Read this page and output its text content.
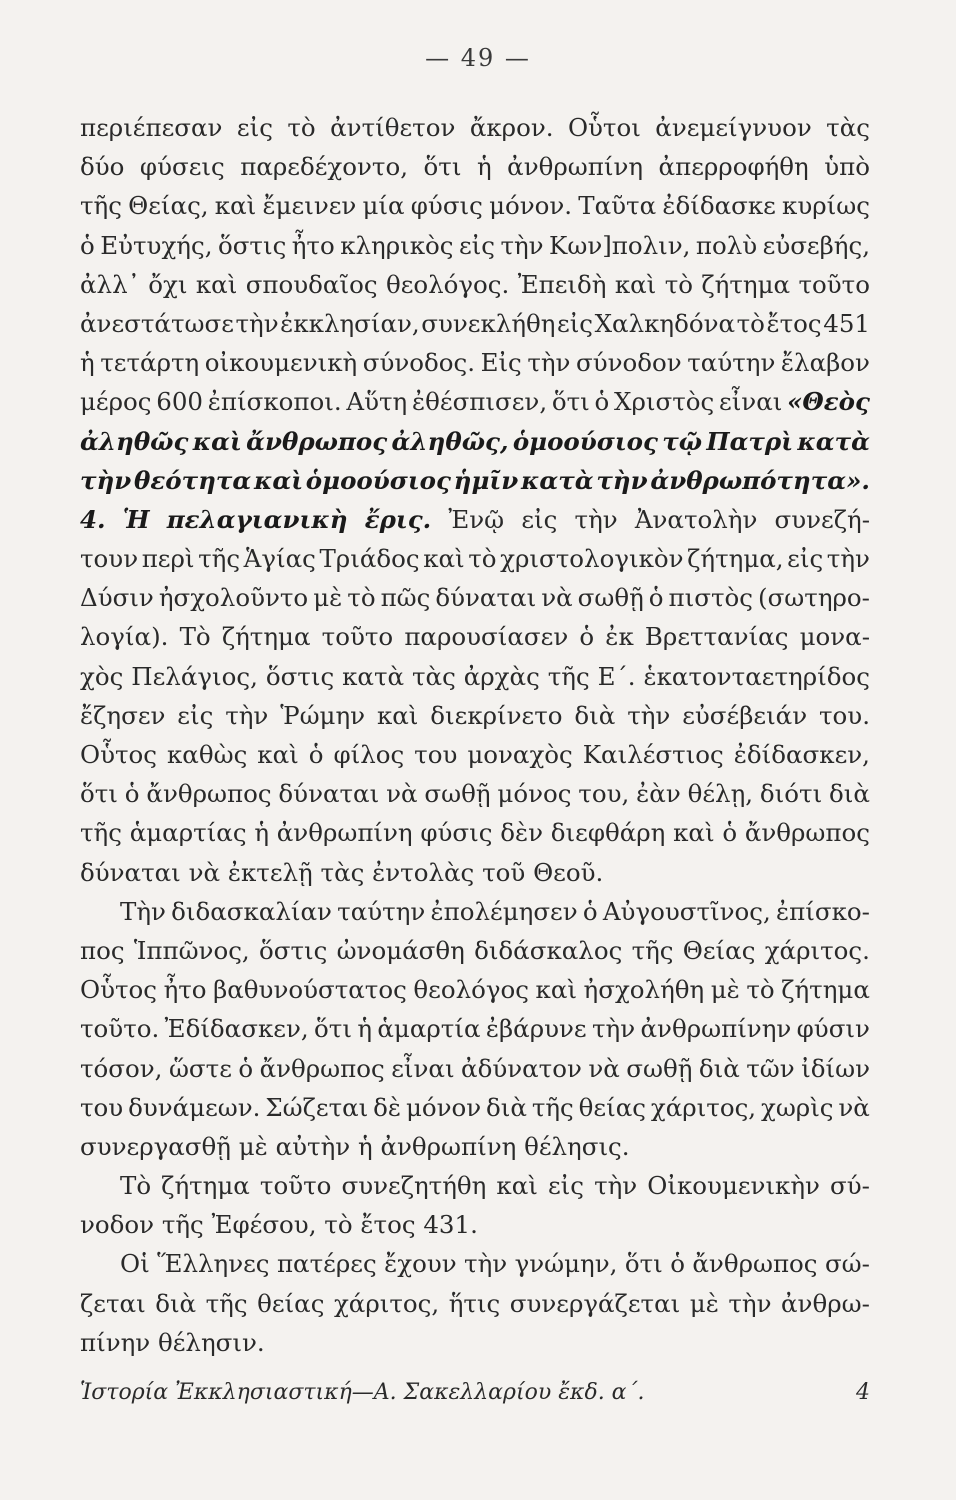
— 49 —
περιέπεσαν εἰς τὸ ἀντίθετον ἄκρον. Οὗτοι ἀνεμείγνυον τὰς
δύο φύσεις παρεδέχοντο, ὅτι ἡ ἀνθρωπίνη ἀπερροφήθη ὑπὸ
τῆς Θείας, καὶ ἔμεινεν μία φύσις μόνον. Ταῦτα ἐδίδασκε κυρίως
ὁ Εὐτυχής, ὅστις ἦτο κληρικὸς εἰς τὴν Κων]πολιν, πολὺ εὐσεβής,
ἀλλ᾽ ὄχι καὶ σπουδαῖος θεολόγος. Ἐπειδὴ καὶ τὸ ζήτημα τοῦτο
ἀνεστάτωσε τὴν ἐκκλησίαν, συνεκλήθη εἰς Χαλκηδόνα τὸ ἔτος 451
ἡ τετάρτη οἰκουμενικὴ σύνοδος. Εἰς τὴν σύνοδον ταύτην ἔλαβον
μέρος 600 ἐπίσκοποι. Αὕτη ἐθέσπισεν, ὅτι ὁ Χριστὸς εἶναι «Θεὸς
ἀληθῶς καὶ ἄνθρωπος ἀληθῶς, ὁμοούσιος τῷ Πατρὶ κατὰ
τὴν θεότητα καὶ ὁμοούσιος ἡμῖν κατὰ τὴν ἀνθρωπότητα».
4. Ἡ πελαγιανικὴ ἔρις. Ἐνῷ εἰς τὴν Ἀνατολὴν συνεζή-
τουν περὶ τῆς Ἁγίας Τριάδος καὶ τὸ χριστολογικὸν ζήτημα, εἰς τὴν
Δύσιν ἠσχολοῦντο μὲ τὸ πῶς δύναται νὰ σωθῇ ὁ πιστὸς (σωτηρο-
λογία). Τὸ ζήτημα τοῦτο παρουσίασεν ὁ ἐκ Βρεττανίας μονα-
χὸς Πελάγιος, ὅστις κατὰ τὰς ἀρχὰς τῆς Ε΄. ἑκατονταετηρίδος
ἔζησεν εἰς τὴν Ῥώμην καὶ διεκρίνετο διὰ τὴν εὐσέβειάν του.
Οὗτος καθὼς καὶ ὁ φίλος του μοναχὸς Καιλέστιος ἐδίδασκεν,
ὅτι ὁ ἄνθρωπος δύναται νὰ σωθῇ μόνος του, ἐὰν θέλῃ, διότι διὰ
τῆς ἁμαρτίας ἡ ἀνθρωπίνη φύσις δὲν διεφθάρη καὶ ὁ ἄνθρωπος
δύναται νὰ ἐκτελῇ τὰς ἐντολὰς τοῦ Θεοῦ.
Τὴν διδασκαλίαν ταύτην ἐπολέμησεν ὁ Αὐγουστῖνος, ἐπίσκο-
πος Ἱππῶνος, ὅστις ὠνομάσθη διδάσκαλος τῆς Θείας χάριτος.
Οὗτος ἦτο βαθυνούστατος θεολόγος καὶ ἠσχολήθη μὲ τὸ ζήτημα
τοῦτο. Ἐδίδασκεν, ὅτι ἡ ἁμαρτία ἐβάρυνε τὴν ἀνθρωπίνην φύσιν
τόσον, ὥστε ὁ ἄνθρωπος εἶναι ἀδύνατον νὰ σωθῇ διὰ τῶν ἰδίων
του δυνάμεων. Σώζεται δὲ μόνον διὰ τῆς θείας χάριτος, χωρὶς νὰ
συνεργασθῇ μὲ αὐτὴν ἡ ἀνθρωπίνη θέλησις.
Τὸ ζήτημα τοῦτο συνεζητήθη καὶ εἰς τὴν Οἰκουμενικὴν σύ-
νοδον τῆς Ἐφέσου, τὸ ἔτος 431.
Οἱ Ἕλληνες πατέρες ἔχουν τὴν γνώμην, ὅτι ὁ ἄνθρωπος σώ-
ζεται διὰ τῆς θείας χάριτος, ἥτις συνεργάζεται μὲ τὴν ἀνθρω-
πίνην θέλησιν.
Ἱστορία Ἐκκλησιαστική—Α. Σακελλαρίου ἔκδ. α΄.	4
